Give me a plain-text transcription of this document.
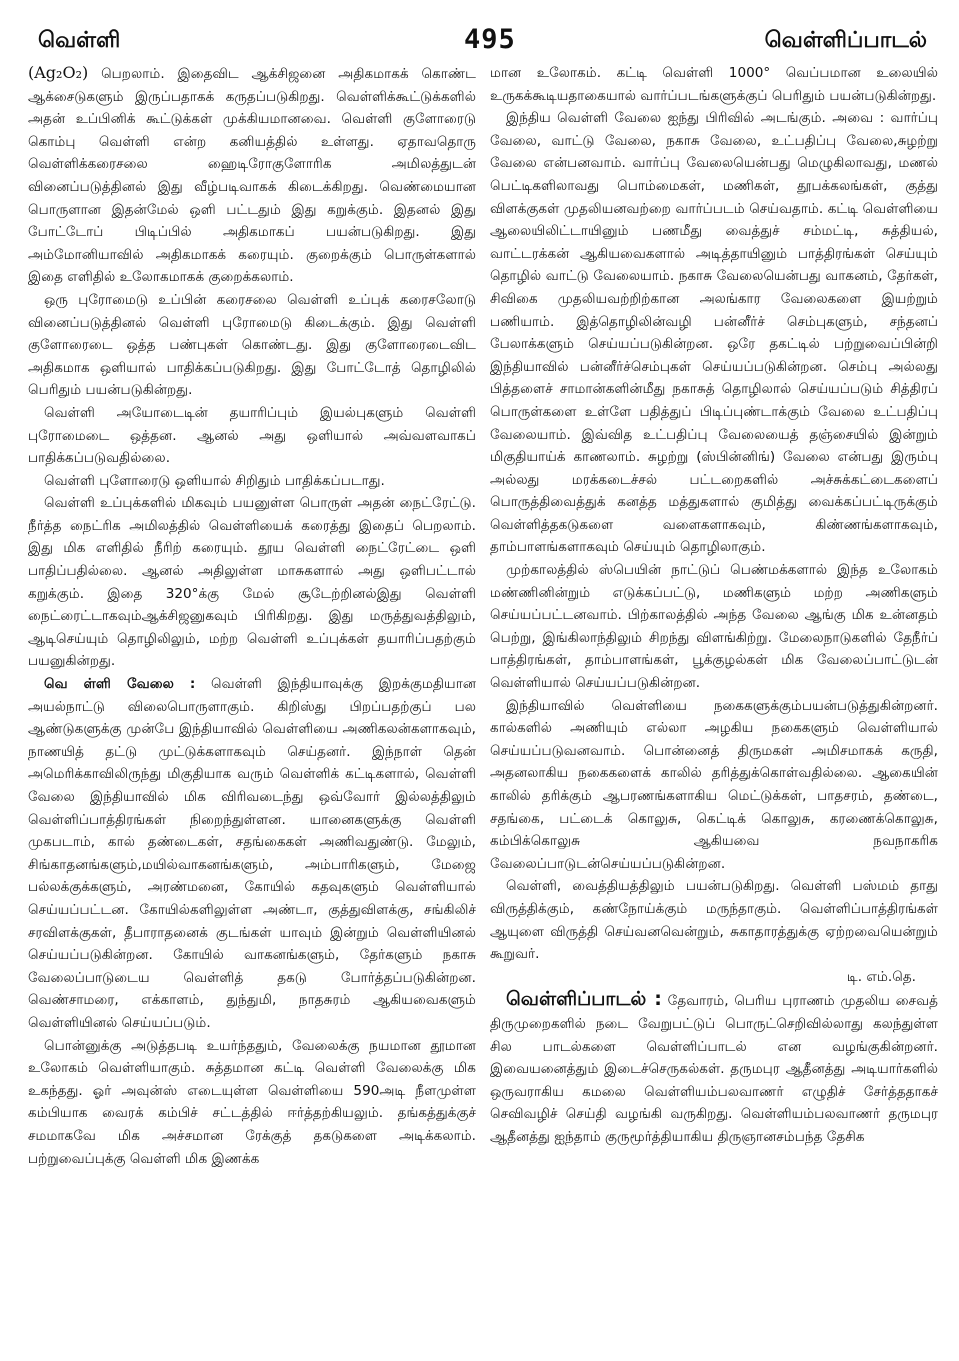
வெள்ளி	495	வெள்ளிப்பாடல்

(Ag₂O₂) பெறலாம். இதைவிட ஆக்சிஜனை அதிகமாகக் கொண்ட ஆக்சைடுகளும் இருப்பதாகக் கருதப்படுகிறது. வெள்ளிக்கூட்டுக்களில் அதன் உப்பினிக் கூட்டுக்கள் முக்கியமானவை. வெள்ளி குளோரைடு கொம்பு வெள்ளி என்ற கனியத்தில் உள்ளது. ஏதாவதொரு வெள்ளிக்கரைசலை ஹைடிரோகுளோரிக அமிலத்துடன் வினைப்படுத்தினல் இது வீழ்படிவாகக் கிடைக்கிறது. வெண்மையான பொருளான இதன்மேல் ஒளி பட்டதும் இது கறுக்கும். இதனல் இது போட்டோப் பிடிப்பில் அதிகமாகப் பயன்படுகிறது. இது அம்மோனியாவில் அதிகமாகக் கரையும். குறைக்கும் பொருள்களால் இதை எளிதில் உலோகமாகக் குறைக்கலாம்.

ஒரு புரோமைடு உப்பின் கரைசலை வெள்ளி உப்புக் கரைசலோடு வினைப்படுத்தினல் வெள்ளி புரோமைடு கிடைக்கும். இது வெள்ளி குளோரைடை ஒத்த பண்புகள் கொண்டது. இது குளோரைடைவிட அதிகமாக ஒளியால் பாதிக்கப்படுகிறது. இது போட்டோத் தொழிலில் பெரிதும் பயன்படுகின்றது.

வெள்ளி அயோடைடின் தயாரிப்பும் இயல்புகளும் வெள்ளி புரோமைடை ஒத்தன. ஆனல் அது ஒளியால் அவ்வளவாகப் பாதிக்கப்படுவதில்லை.

வெள்ளி புளோரைடு ஒளியால் சிறிதும் பாதிக்கப்படாது.

வெள்ளி உப்புக்களில் மிகவும் பயனுள்ள பொருள் அதன் நைட்ரேட்டு. நீர்த்த நைட்ரிக அமிலத்தில் வெள்ளியைக் கரைத்து இதைப் பெறலாம். இது மிக எளிதில் நீரிற் கரையும். தூய வெள்ளி நைட்ரேட்டை ஒளி பாதிப்பதில்லை. ஆனல் அதிலுள்ள மாசுகளால் அது ஒளிபட்டால் கறுக்கும். இதை 320°க்கு மேல் சூடேற்றினல்இது வெள்ளி நைட்ரைட்டாகவும்ஆக்சிஜனுகவும் பிரிகிறது. இது மருத்துவத்திலும், ஆடிசெய்யும் தொழிலிலும், மற்ற வெள்ளி உப்புக்கள் தயாரிப்பதற்கும் பயனுகின்றது.

வெ ள்ளி வேலை : வெள்ளி இந்தியாவுக்கு இறக்குமதியான அயல்நாட்டு விலைபொருளாகும். கிறிஸ்து பிறப்பதற்குப் பல ஆண்டுகளுக்கு முன்பே இந்தியாவில் வெள்ளியை அணிகலன்களாகவும், நாணயித் தட்டு முட்டுக்களாகவும் செய்தனர். இந்நாள் தென் அமெரிக்காவிலிருந்து மிகுதியாக வரும் வெள்ளிக் கட்டிகளால், வெள்ளி வேலை இந்தியாவில் மிக விரிவடைந்து ஒவ்வோர் இல்லத்திலும் வெள்ளிப்பாத்திரங்கள் நிறைந்துள்ளன. யானைகளுக்கு வெள்ளி முகபடாம், கால் தண்டைகள், சதங்கைகள் அணிவதுண்டு. மேலும், சிங்காதனங்களும்,மயில்வாகனங்களும், அம்பாரிகளும், மேஜை பல்லக்குக்களும், அரண்மனை, கோயில் கதவுகளும் வெள்ளியால் செய்யப்பட்டன. கோயில்களிலுள்ள அண்டா, குத்துவிளக்கு, சங்கிலிச் சரவிளக்குகள், தீபாராதனைக் குடங்கள் யாவும் இன்றும் வெள்ளியினல் செய்யப்படுகின்றன. கோயில் வாகனங்களும், தேர்களும் நகாசு வேலைப்பாடுடைய வெள்ளித் தகடு போர்த்தப்படுகின்றன. வெண்சாமரை, எக்காளம், துந்துமி, நாதசுரம் ஆகியவைகளும் வெள்ளியினல் செய்யப்படும்.

பொன்னுக்கு அடுத்தபடி உயர்ந்ததும், வேலைக்கு நயமான தூமான உலோகம் வெள்ளியாகும். சுத்தமான கட்டி வெள்ளி வேலைக்கு மிக உகந்தது. ஓர் அவுன்ஸ் எடையுள்ள வெள்ளியை 590அடி நீளமுள்ள கம்பியாக வைரக் கம்பிச் சட்டத்தில் ஈர்த்தற்கியலும். தங்கத்துக்குச் சமமாகவே மிக அச்சமான ரேக்குத் தகடுகளை அடிக்கலாம். பற்றுவைப்புக்கு வெள்ளி மிக இணக்க

மான உலோகம். கட்டி வெள்ளி 1000° வெப்பமான உலையில் உருகக்கூடியதாகையால் வார்ப்படங்களுக்குப் பெரிதும் பயன்படுகின்றது.

இந்திய வெள்ளி வேலை ஐந்து பிரிவில் அடங்கும். அவை : வார்ப்பு வேலை, வாட்டு வேலை, நகாசு வேலை, உட்பதிப்பு வேலை,சுழற்று வேலை என்பனவாம். வார்ப்பு வேலையென்பது மெழுகிலாவது, மணல் பெட்டிகளிலாவது பொம்மைகள், மணிகள், தூபக்கலங்கள், குத்து விளக்குகள் முதலியனவற்றை வார்ப்படம் செய்வதாம். கட்டி வெள்ளியை ஆலையிலிட்டாயினும் பணமீது வைத்துச் சம்மட்டி, சுத்தியல், வாட்டரக்கன் ஆகியவைகளால் அடித்தாயினும் பாத்திரங்கள் செய்யும் தொழில் வாட்டு வேலையாம். நகாசு வேலையென்பது வாகனம், தேர்கள், சிவிகை முதலியவற்றிற்கான அலங்கார வேலைகளை இயற்றும் பணியாம். இத்தொழிலின்வழி பன்னீர்ச் செம்புகளும், சந்தனப் பேலாக்களும் செய்யப்படுகின்றன. ஒரே தகட்டில் பற்றுவைப்பின்றி இந்தியாவில் பன்னீர்ச்செம்புகள் செய்யப்படுகின்றன. செம்பு அல்லது பித்தளைச் சாமான்களின்மீது நகாசுத் தொழிலால் செய்யப்படும் சித்திரப் பொருள்களை உள்ளே பதித்துப் பிடிப்புண்டாக்கும் வேலை உட்பதிப்பு வேலையாம். இவ்வித உட்பதிப்பு வேலையைத் தஞ்சையில் இன்றும் மிகுதியாய்க் காணலாம். சுழற்று (ஸ்பின்னிங்) வேலை என்பது இரும்பு அல்லது மரக்கடைச்சல் பட்டறைகளில் அச்சுக்கட்டைகளைப் பொருத்திவைத்துக் கனத்த மத்துகளால் குமித்து வைக்கப்பட்டிருக்கும் வெள்ளித்தகடுகளை வளைகளாகவும், கிண்ணங்களாகவும், தாம்பாளங்களாகவும் செய்யும் தொழிலாகும்.

முற்காலத்தில் ஸ்பெயின் நாட்டுப் பெண்மக்களால் இந்த உலோகம் மண்ணினின்றும் எடுக்கப்பட்டு, மணிகளும் மற்ற அணிகளும் செய்யப்பட்டனவாம். பிற்காலத்தில் அந்த வேலை ஆங்கு மிக உன்னதம் பெற்று, இங்கிலாந்திலும் சிறந்து விளங்கிற்று. மேலைநாடுகளில் தேநீர்ப் பாத்திரங்கள், தாம்பாளங்கள், பூக்குழல்கள் மிக வேலைப்பாட்டுடன் வெள்ளியால் செய்யப்படுகின்றன.

இந்தியாவில் வெள்ளியை நகைகளுக்கும்பயன்படுத்துகின்றனர். கால்களில் அணியும் எல்லா அழகிய நகைகளும் வெள்ளியால் செய்யப்படுவனவாம். பொன்னைத் திருமகள் அமிசமாகக் கருதி, அதனலாகிய நகைகளைக் காலில் தரித்துக்கொள்வதில்லை. ஆகையின் காலில் தரிக்கும் ஆபரணங்களாகிய மெட்டுக்கள், பாதசரம், தண்டை, சதங்கை, பட்டைக் கொலுசு, கெட்டிக் கொலுசு, கரணைக்கொலுசு, கம்பிக்கொலுசு ஆகியவை நவநாகரிக வேலைப்பாடுடன்செய்யப்படுகின்றன.

வெள்ளி, வைத்தியத்திலும் பயன்படுகிறது. வெள்ளி பஸ்மம் தாது விருத்திக்கும், கண்நோய்க்கும் மருந்தாகும். வெள்ளிப்பாத்திரங்கள் ஆயுளை விருத்தி செய்வனவென்றும், சுகாதாரத்துக்கு ஏற்றவையென்றும் கூறுவர்.

டி. எம்.தெ.

வெள்ளிப்பாடல் : தேவாரம், பெரிய புராணம் முதலிய சைவத் திருமுறைகளில் நடை வேறுபட்டுப் பொருட்செறிவில்லாது கலந்துள்ள சில பாடல்களை வெள்ளிப்பாடல் என வழங்குகின்றனர். இவையனைத்தும் இடைச்செருகல்கள். தருமபுர ஆதீனத்து அடியார்களில் ஒருவராகிய கமலை வெள்ளியம்பலவாணர் எழுதிச் சேர்த்ததாகச் செவிவழிச் செய்தி வழங்கி வருகிறது. வெள்ளியம்பலவாணர் தருமபுர ஆதீனத்து ஐந்தாம் குருமூர்த்தியாகிய திருஞானசம்பந்த தேசிக
